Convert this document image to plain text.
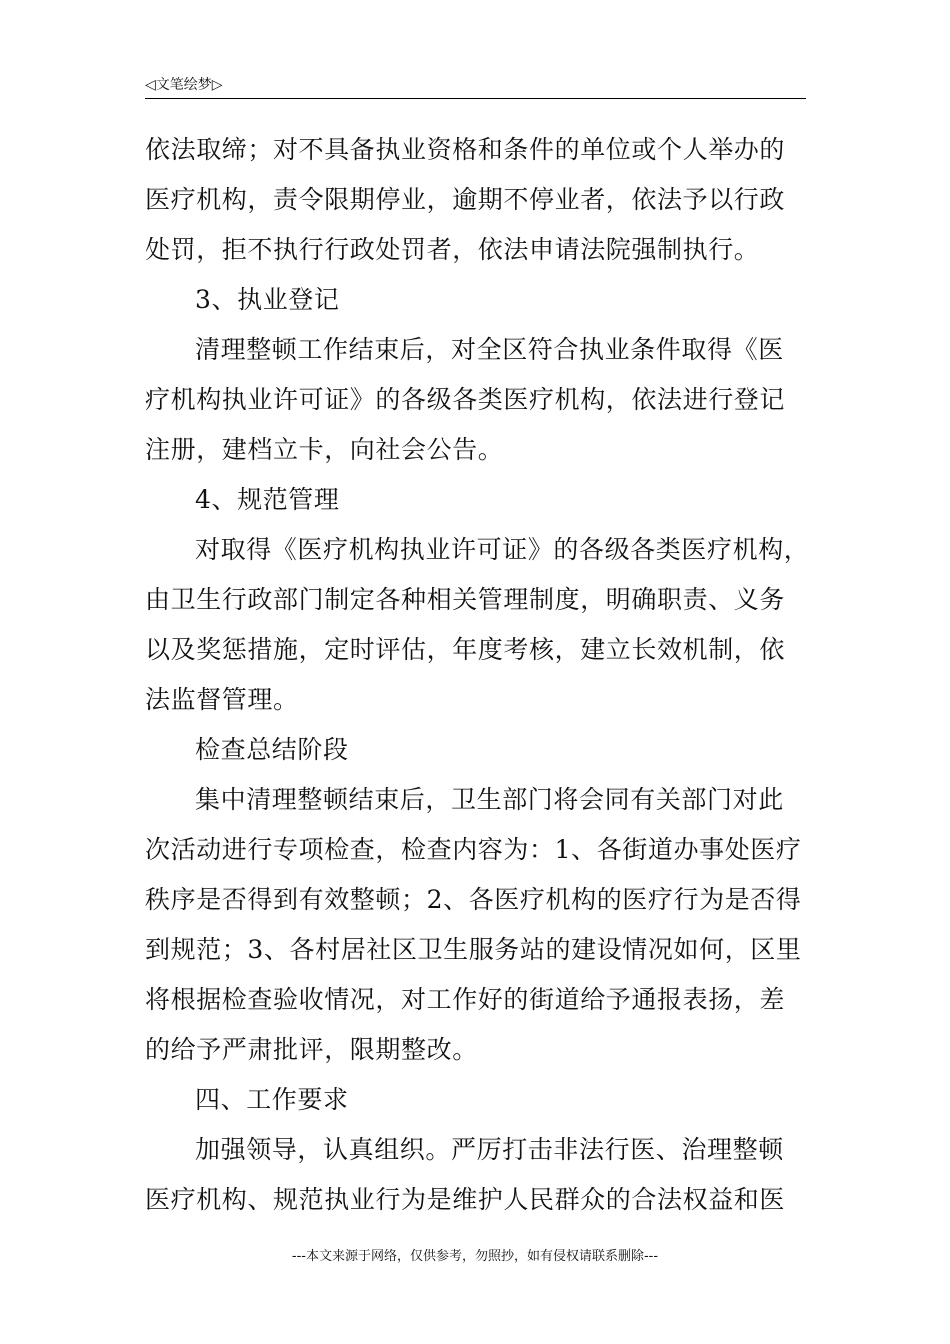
◁文笔绘梦▷
依法取缔；对不具备执业资格和条件的单位或个人举办的
医疗机构，责令限期停业，逾期不停业者，依法予以行政
处罚，拒不执行行政处罚者，依法申请法院强制执行。
3、执业登记
清理整顿工作结束后，对全区符合执业条件取得《医
疗机构执业许可证》的各级各类医疗机构，依法进行登记
注册，建档立卡，向社会公告。
4、规范管理
对取得《医疗机构执业许可证》的各级各类医疗机构，
由卫生行政部门制定各种相关管理制度，明确职责、义务
以及奖惩措施，定时评估，年度考核，建立长效机制，依
法监督管理。
检查总结阶段
集中清理整顿结束后，卫生部门将会同有关部门对此
次活动进行专项检查，检查内容为：1、各街道办事处医疗
秩序是否得到有效整顿；2、各医疗机构的医疗行为是否得
到规范；3、各村居社区卫生服务站的建设情况如何，区里
将根据检查验收情况，对工作好的街道给予通报表扬，差
的给予严肃批评，限期整改。
四、工作要求
加强领导，认真组织。严厉打击非法行医、治理整顿
医疗机构、规范执业行为是维护人民群众的合法权益和医
---本文来源于网络，仅供参考，勿照抄，如有侵权请联系删除---
